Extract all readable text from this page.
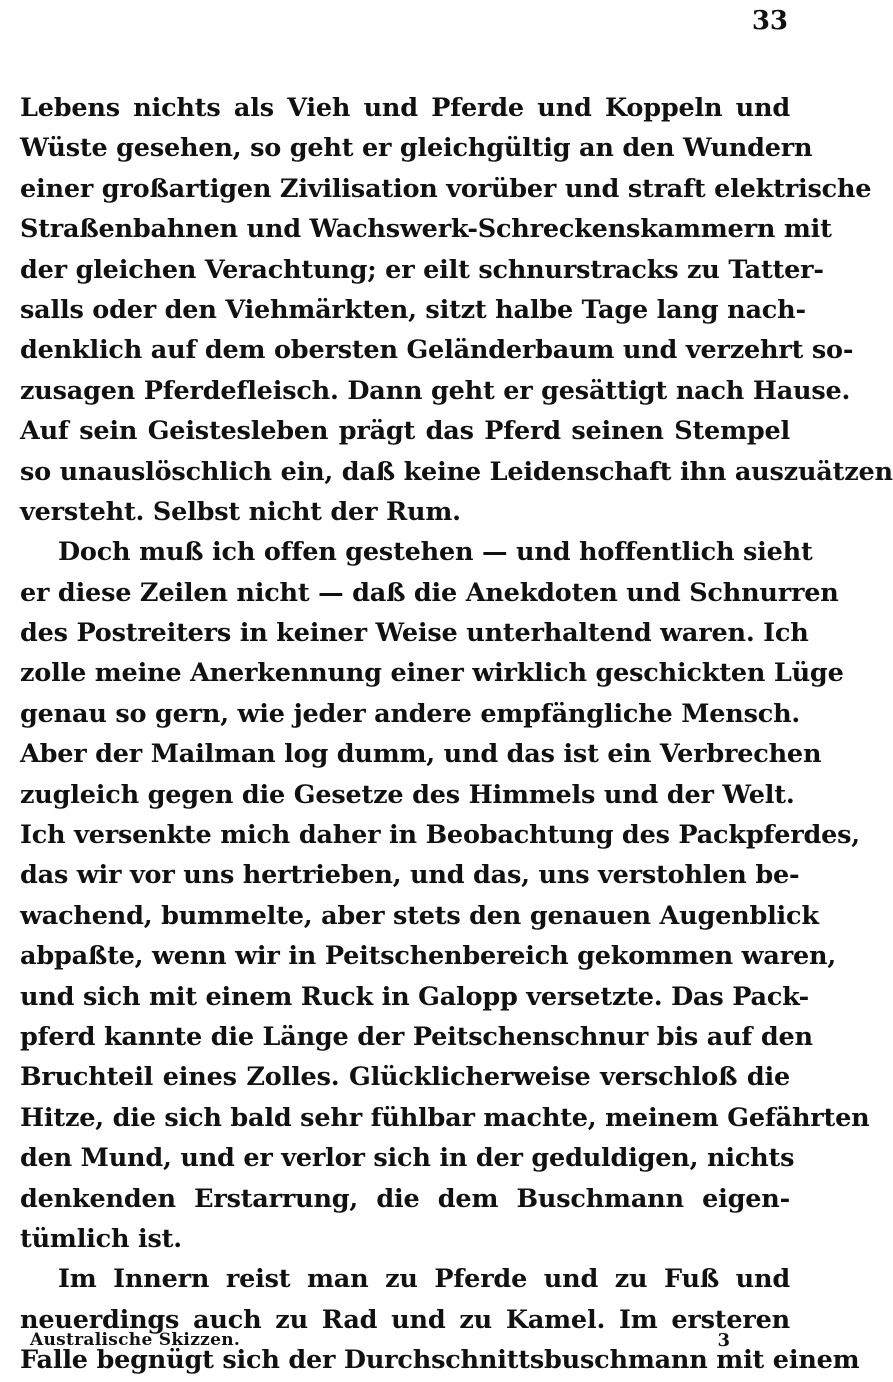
33
Lebens nichts als Vieh und Pferde und Koppeln und
Wüste gesehen, so geht er gleichgültig an den Wundern
einer großartigen Zivilisation vorüber und straft elektrische
Straßenbahnen und Wachswerk-Schreckenskammern mit
der gleichen Verachtung; er eilt schnurstracks zu Tatter-
salls oder den Viehmärkten, sitzt halbe Tage lang nach-
denklich auf dem obersten Geländerbaum und verzehrt so-
zusagen Pferdefleisch. Dann geht er gesättigt nach Hause.
Auf sein Geistesleben prägt das Pferd seinen Stempel
so unauslöschlich ein, daß keine Leidenschaft ihn auszuätzen
versteht. Selbst nicht der Rum.
Doch muß ich offen gestehen — und hoffentlich sieht
er diese Zeilen nicht — daß die Anekdoten und Schnurren
des Postreiters in keiner Weise unterhaltend waren. Ich
zolle meine Anerkennung einer wirklich geschickten Lüge
genau so gern, wie jeder andere empfängliche Mensch.
Aber der Mailman log dumm, und das ist ein Verbrechen
zugleich gegen die Gesetze des Himmels und der Welt.
Ich versenkte mich daher in Beobachtung des Packpferdes,
das wir vor uns hertrieben, und das, uns verstohlen be-
wachend, bummelte, aber stets den genauen Augenblick
abpaßte, wenn wir in Peitschenbereich gekommen waren,
und sich mit einem Ruck in Galopp versetzte. Das Pack-
pferd kannte die Länge der Peitschenschnur bis auf den
Bruchteil eines Zolles. Glücklicherweise verschloß die
Hitze, die sich bald sehr fühlbar machte, meinem Gefährten
den Mund, und er verlor sich in der geduldigen, nichts
denkenden Erstarrung, die dem Buschmann eigen-
tümlich ist.
Im Innern reist man zu Pferde und zu Fuß und
neuerdings auch zu Rad und zu Kamel. Im ersteren
Falle begnügt sich der Durchschnittsbuschmann mit einem
Australische Skizzen.	3
